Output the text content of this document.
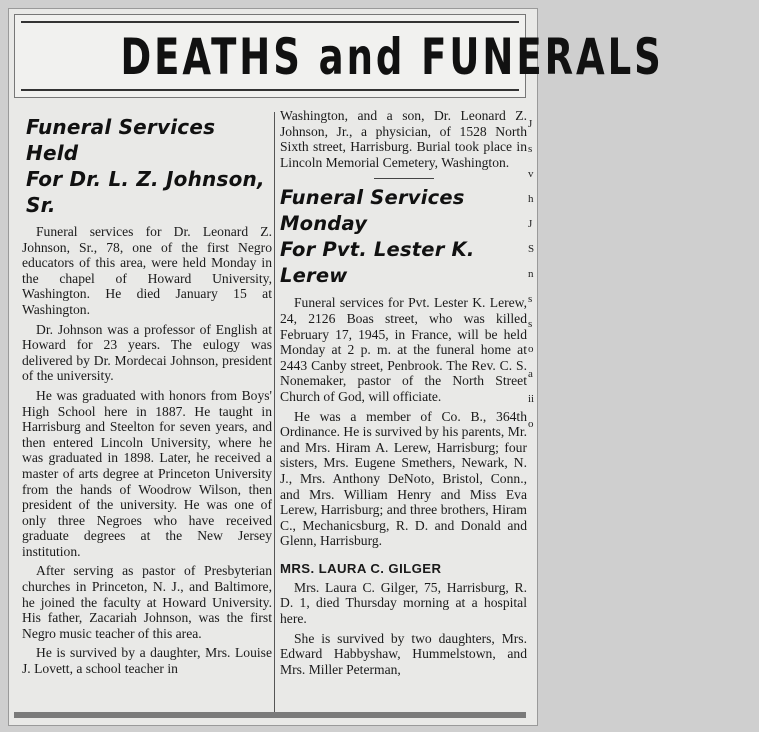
DEATHS and FUNERALS
Funeral Services Held
For Dr. L. Z. Johnson, Sr.

Funeral services for Dr. Leonard Z. Johnson, Sr., 78, one of the first Negro educators of this area, were held Monday in the chapel of Howard University, Washington. He died January 15 at Washington.

Dr. Johnson was a professor of English at Howard for 23 years. The eulogy was delivered by Dr. Mordecai Johnson, president of the university.

He was graduated with honors from Boys' High School here in 1887. He taught in Harrisburg and Steelton for seven years, and then entered Lincoln University, where he was graduated in 1898. Later, he received a master of arts degree at Princeton University from the hands of Woodrow Wilson, then president of the university. He was one of only three Negroes who have received graduate degrees at the New Jersey institution.

After serving as pastor of Presbyterian churches in Princeton, N. J., and Baltimore, he joined the faculty at Howard University. His father, Zacariah Johnson, was the first Negro music teacher of this area.

He is survived by a daughter, Mrs. Louise J. Lovett, a school teacher in

Washington, and a son, Dr. Leonard Z. Johnson, Jr., a physician, of 1528 North Sixth street, Harrisburg. Burial took place in Lincoln Memorial Cemetery, Washington.

Funeral Services Monday
For Pvt. Lester K. Lerew

Funeral services for Pvt. Lester K. Lerew, 24, 2126 Boas street, who was killed February 17, 1945, in France, will be held Monday at 2 p. m. at the funeral home at 2443 Canby street, Penbrook. The Rev. C. S. Nonemaker, pastor of the North Street Church of God, will officiate.

He was a member of Co. B., 364th Ordinance. He is survived by his parents, Mr. and Mrs. Hiram A. Lerew, Harrisburg; four sisters, Mrs. Eugene Smethers, Newark, N. J., Mrs. Anthony DeNoto, Bristol, Conn., and Mrs. William Henry and Miss Eva Lerew, Harrisburg; and three brothers, Hiram C., Mechanicsburg, R. D. and Donald and Glenn, Harrisburg.

MRS. LAURA C. GILGER

Mrs. Laura C. Gilger, 75, Harrisburg, R. D. 1, died Thursday morning at a hospital here.

She is survived by two daughters, Mrs. Edward Habbyshaw, Hummelstown, and Mrs. Miller Peterman,

J
s
v
h
J
S
n
s
s
o
a
ii
o
